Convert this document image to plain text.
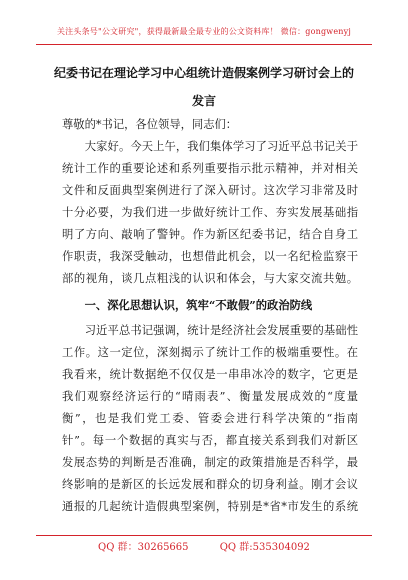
关注头条号"公文研究"，获得最新最全最专业的公文资料库！ 微信：gongwenyj
纪委书记在理论学习中心组统计造假案例学习研讨会上的
发言
尊敬的*书记，各位领导，同志们：
　　大家好。今天上午，我们集体学习了习近平总书记关于
统计工作的重要论述和系列重要指示批示精神，并对相关
文件和反面典型案例进行了深入研讨。这次学习非常及时
十分必要，为我们进一步做好统计工作、夯实发展基础指
明了方向、敲响了警钟。作为新区纪委书记，结合自身工
作职责，我深受触动，也想借此机会，以一名纪检监察干
部的视角，谈几点粗浅的认识和体会，与大家交流共勉。
　　一、深化思想认识，筑牢“不敢假”的政治防线
　　习近平总书记强调，统计是经济社会发展重要的基础性
工作。这一定位，深刻揭示了统计工作的极端重要性。在
我看来，统计数据绝不仅仅是一串串冰冷的数字，它更是
我们观察经济运行的“晴雨表”、衡量发展成效的“度量
衡”，也是我们党工委、管委会进行科学决策的“指南
针”。每一个数据的真实与否，都直接关系到我们对新区
发展态势的判断是否准确，制定的政策措施是否科学，最
终影响的是新区的长远发展和群众的切身利益。刚才会议
通报的几起统计造假典型案例，特别是*省*市发生的系统
QQ 群：30265665	QQ 群:535304092
